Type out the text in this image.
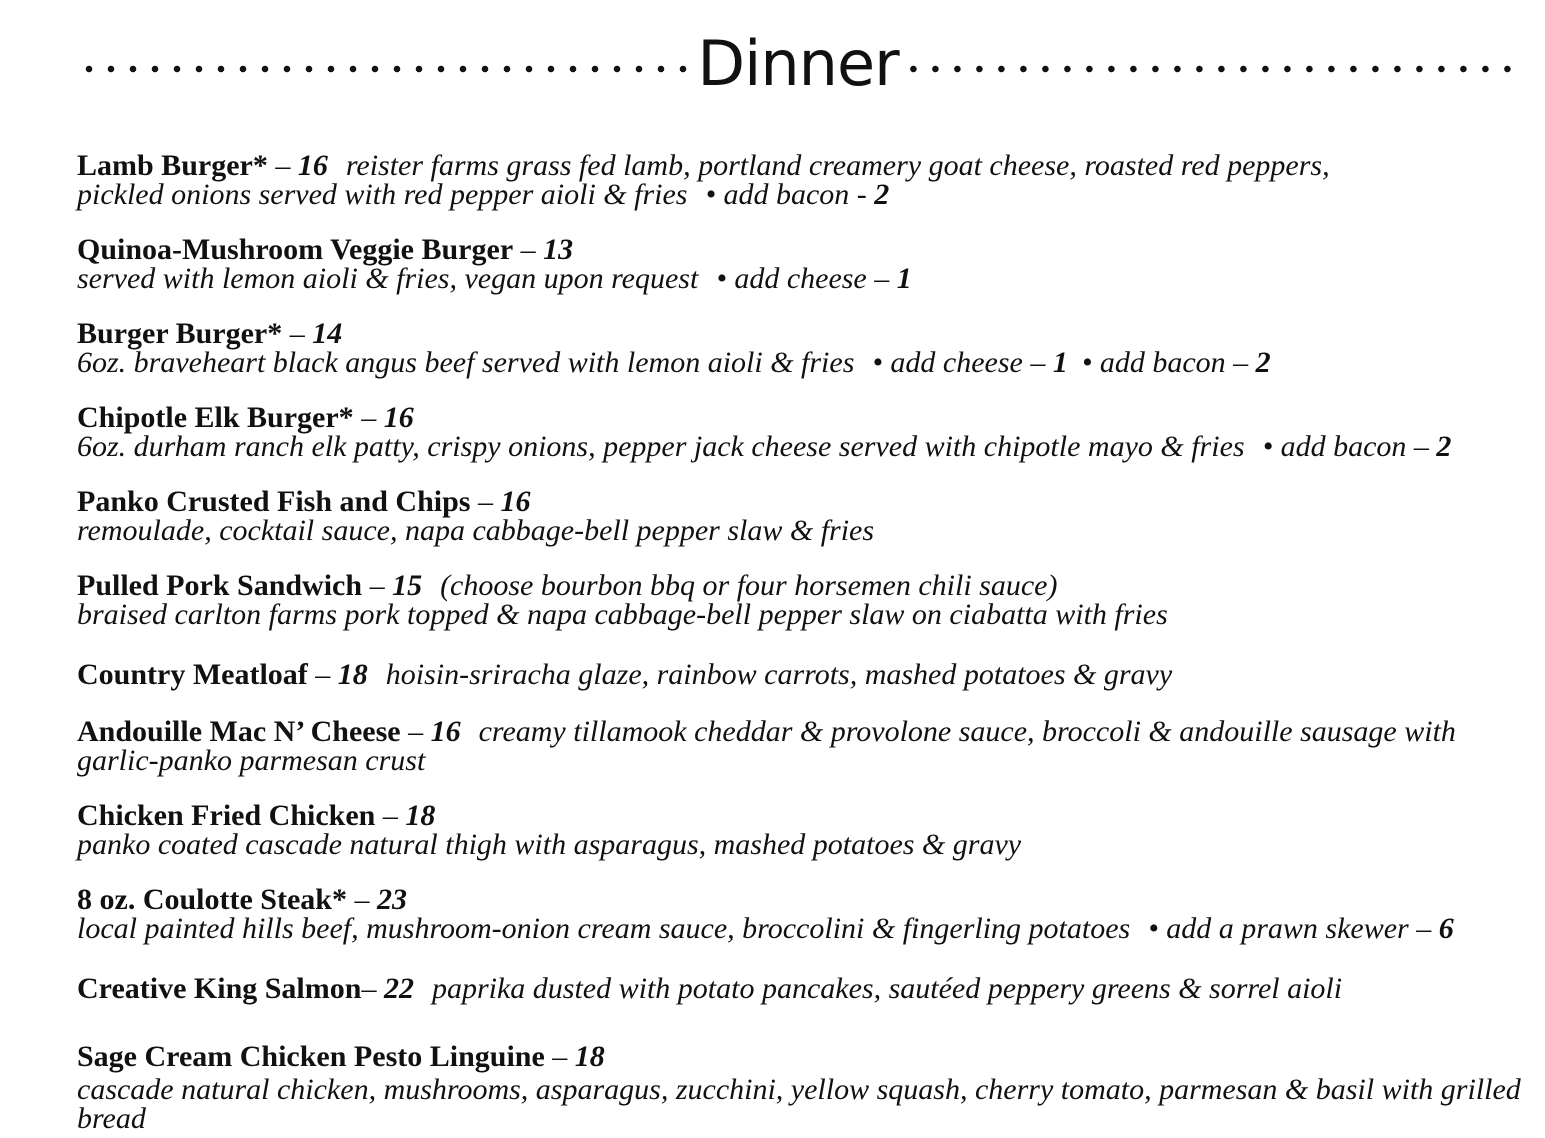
Dinner
Lamb Burger* – 16 reister farms grass fed lamb, portland creamery goat cheese, roasted red peppers,
pickled onions served with red pepper aioli & fries • add bacon - 2
Quinoa-Mushroom Veggie Burger – 13
served with lemon aioli & fries, vegan upon request • add cheese – 1
Burger Burger* – 14
6oz. braveheart black angus beef served with lemon aioli & fries • add cheese – 1 • add bacon – 2
Chipotle Elk Burger* – 16
6oz. durham ranch elk patty, crispy onions, pepper jack cheese served with chipotle mayo & fries • add bacon – 2
Panko Crusted Fish and Chips – 16
remoulade, cocktail sauce, napa cabbage-bell pepper slaw & fries
Pulled Pork Sandwich – 15 (choose bourbon bbq or four horsemen chili sauce)
braised carlton farms pork topped & napa cabbage-bell pepper slaw on ciabatta with fries
Country Meatloaf – 18 hoisin-sriracha glaze, rainbow carrots, mashed potatoes & gravy
Andouille Mac N’ Cheese – 16 creamy tillamook cheddar & provolone sauce, broccoli & andouille sausage with
garlic-panko parmesan crust
Chicken Fried Chicken – 18
panko coated cascade natural thigh with asparagus, mashed potatoes & gravy
8 oz. Coulotte Steak* – 23
local painted hills beef, mushroom-onion cream sauce, broccolini & fingerling potatoes • add a prawn skewer – 6
Creative King Salmon– 22 paprika dusted with potato pancakes, sautéed peppery greens & sorrel aioli
Sage Cream Chicken Pesto Linguine – 18
cascade natural chicken, mushrooms, asparagus, zucchini, yellow squash, cherry tomato, parmesan & basil with grilled
bread
